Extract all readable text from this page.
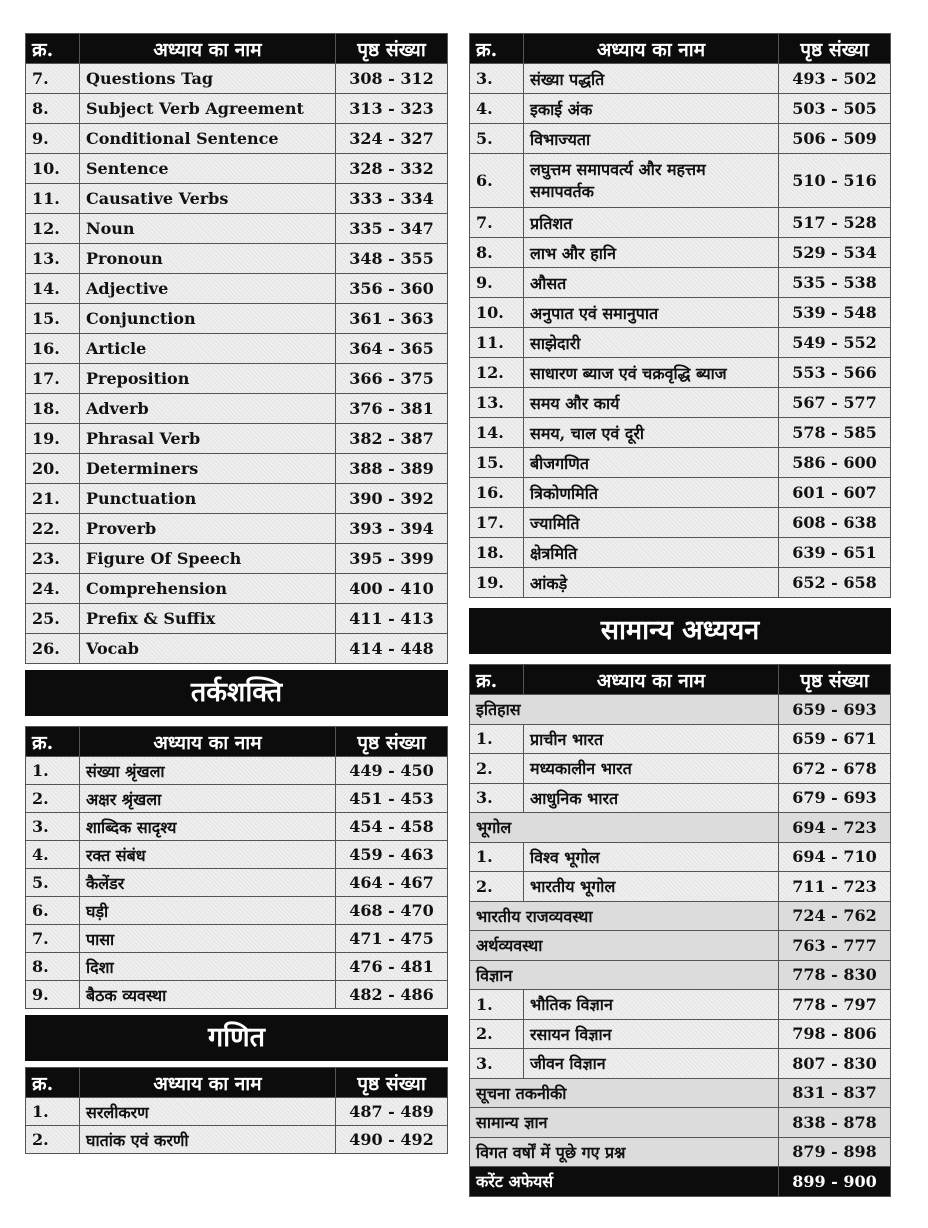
क्र.	अध्याय का नाम	पृष्ठ संख्या
7.	Questions Tag	308 - 312
8.	Subject Verb Agreement	313 - 323
9.	Conditional Sentence	324 - 327
10.	Sentence	328 - 332
11.	Causative Verbs	333 - 334
12.	Noun	335 - 347
13.	Pronoun	348 - 355
14.	Adjective	356 - 360
15.	Conjunction	361 - 363
16.	Article	364 - 365
17.	Preposition	366 - 375
18.	Adverb	376 - 381
19.	Phrasal Verb	382 - 387
20.	Determiners	388 - 389
21.	Punctuation	390 - 392
22.	Proverb	393 - 394
23.	Figure Of Speech	395 - 399
24.	Comprehension	400 - 410
25.	Prefix & Suffix	411 - 413
26.	Vocab	414 - 448
तर्कशक्ति
क्र.	अध्याय का नाम	पृष्ठ संख्या
1.	संख्या श्रृंखला	449 - 450
2.	अक्षर श्रृंखला	451 - 453
3.	शाब्दिक सादृश्य	454 - 458
4.	रक्त संबंध	459 - 463
5.	कैलेंडर	464 - 467
6.	घड़ी	468 - 470
7.	पासा	471 - 475
8.	दिशा	476 - 481
9.	बैठक व्यवस्था	482 - 486
गणित
क्र.	अध्याय का नाम	पृष्ठ संख्या
1.	सरलीकरण	487 - 489
2.	घातांक एवं करणी	490 - 492
क्र.	अध्याय का नाम	पृष्ठ संख्या
3.	संख्या पद्धति	493 - 502
4.	इकाई अंक	503 - 505
5.	विभाज्यता	506 - 509
6.	लघुत्तम समापवर्त्य और महत्तम समापवर्तक	510 - 516
7.	प्रतिशत	517 - 528
8.	लाभ और हानि	529 - 534
9.	औसत	535 - 538
10.	अनुपात एवं समानुपात	539 - 548
11.	साझेदारी	549 - 552
12.	साधारण ब्याज एवं चक्रवृद्धि ब्याज	553 - 566
13.	समय और कार्य	567 - 577
14.	समय, चाल एवं दूरी	578 - 585
15.	बीजगणित	586 - 600
16.	त्रिकोणमिति	601 - 607
17.	ज्यामिति	608 - 638
18.	क्षेत्रमिति	639 - 651
19.	आंकड़े	652 - 658
सामान्य अध्ययन
क्र.	अध्याय का नाम	पृष्ठ संख्या
इतिहास		659 - 693
1.	प्राचीन भारत	659 - 671
2.	मध्यकालीन भारत	672 - 678
3.	आधुनिक भारत	679 - 693
भूगोल		694 - 723
1.	विश्व भूगोल	694 - 710
2.	भारतीय भूगोल	711 - 723
भारतीय राजव्यवस्था		724 - 762
अर्थव्यवस्था		763 - 777
विज्ञान		778 - 830
1.	भौतिक विज्ञान	778 - 797
2.	रसायन विज्ञान	798 - 806
3.	जीवन विज्ञान	807 - 830
सूचना तकनीकी		831 - 837
सामान्य ज्ञान		838 - 878
विगत वर्षों में पूछे गए प्रश्न		879 - 898
करेंट अफेयर्स		899 - 900
